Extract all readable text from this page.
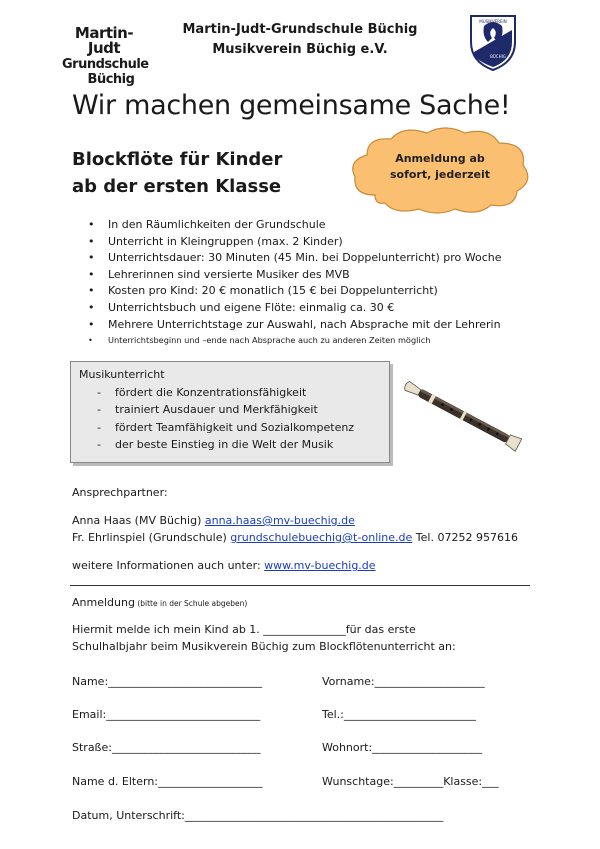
Martin-Judt
Grundschule
Büchig
Martin-Judt-Grundschule Büchig
Musikverein Büchig e.V.
MUSIKVEREIN
BÜCHIG
Wir machen gemeinsame Sache!
Blockflöte für Kinder
ab der ersten Klasse
Anmeldung ab
sofort, jederzeit
• In den Räumlichkeiten der Grundschule
• Unterricht in Kleingruppen (max. 2 Kinder)
• Unterrichtsdauer: 30 Minuten (45 Min. bei Doppelunterricht) pro Woche
• Lehrerinnen sind versierte Musiker des MVB
• Kosten pro Kind: 20 € monatlich (15 € bei Doppelunterricht)
• Unterrichtsbuch und eigene Flöte: einmalig ca. 30 €
• Mehrere Unterrichtstage zur Auswahl, nach Absprache mit der Lehrerin
• Unterrichtsbeginn und –ende nach Absprache auch zu anderen Zeiten möglich
Musikunterricht
- fördert die Konzentrationsfähigkeit
- trainiert Ausdauer und Merkfähigkeit
- fördert Teamfähigkeit und Sozialkompetenz
- der beste Einstieg in die Welt der Musik
Ansprechpartner:
Anna Haas (MV Büchig) anna.haas@mv-buechig.de
Fr. Ehrlinspiel (Grundschule) grundschulebuechig@t-online.de Tel. 07252 957616
weitere Informationen auch unter: www.mv-buechig.de
Anmeldung (bitte in der Schule abgeben)
Hiermit melde ich mein Kind ab 1. _______________für das erste
Schulhalbjahr beim Musikverein Büchig zum Blockflötenunterricht an:
Name:____________________________	Vorname:____________________
Email:____________________________	Tel.:________________________
Straße:___________________________	Wohnort:____________________
Name d. Eltern:___________________	Wunschtage:_________Klasse:___
Datum, Unterschrift:_______________________________________________
